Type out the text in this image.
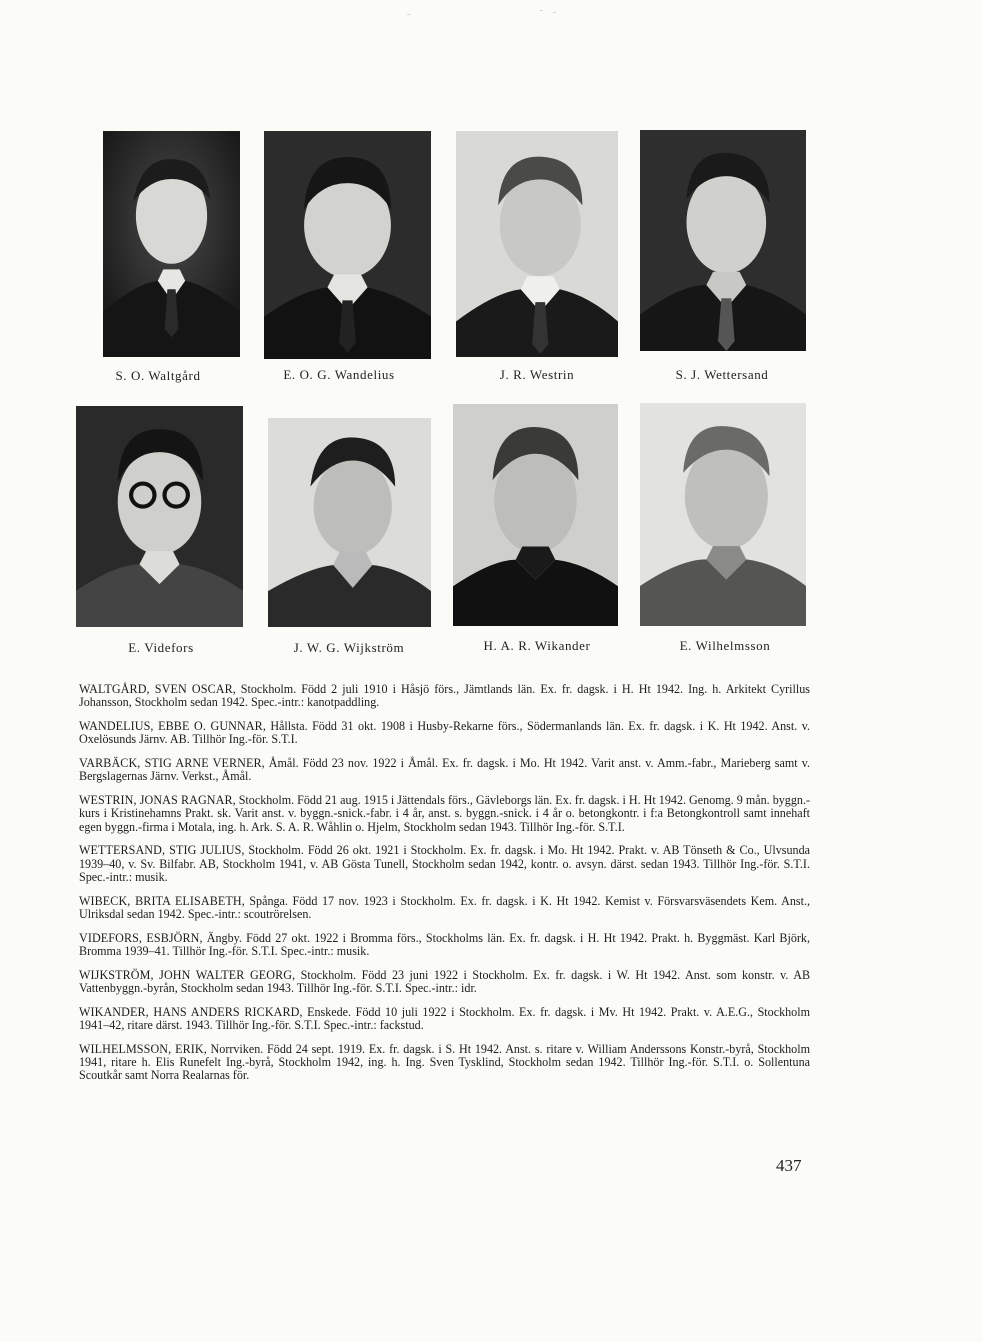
S. O. Waltgård	E. O. G. Wandelius	J. R. Westrin	S. J. Wettersand
E. Videfors	J. W. G. Wijkström	H. A. R. Wikander	E. Wilhelmsson

WALTGÅRD, SVEN OSCAR, Stockholm. Född 2 juli 1910 i Håsjö förs., Jämtlands län. Ex. fr. dagsk. i H. Ht 1942. Ing. h. Arkitekt Cyrillus Johansson, Stockholm sedan 1942. Spec.-intr.: kanotpaddling.

WANDELIUS, EBBE O. GUNNAR, Hållsta. Född 31 okt. 1908 i Husby-Rekarne förs., Södermanlands län. Ex. fr. dagsk. i K. Ht 1942. Anst. v. Oxelösunds Järnv. AB. Tillhör Ing.-för. S.T.I.

VARBÄCK, STIG ARNE VERNER, Åmål. Född 23 nov. 1922 i Åmål. Ex. fr. dagsk. i Mo. Ht 1942. Varit anst. v. Amm.-fabr., Marieberg samt v. Bergslagernas Järnv. Verkst., Åmål.

WESTRIN, JONAS RAGNAR, Stockholm. Född 21 aug. 1915 i Jättendals förs., Gävleborgs län. Ex. fr. dagsk. i H. Ht 1942. Genomg. 9 mån. byggn.-kurs i Kristinehamns Prakt. sk. Varit anst. v. byggn.-snick.-fabr. i 4 år, anst. s. byggn.-snick. i 4 år o. betongkontr. i f:a Betongkontroll samt innehaft egen byggn.-firma i Motala, ing. h. Ark. S. A. R. Wåhlin o. Hjelm, Stockholm sedan 1943. Tillhör Ing.-för. S.T.I.

WETTERSAND, STIG JULIUS, Stockholm. Född 26 okt. 1921 i Stockholm. Ex. fr. dagsk. i Mo. Ht 1942. Prakt. v. AB Tönseth & Co., Ulvsunda 1939–40, v. Sv. Bilfabr. AB, Stockholm 1941, v. AB Gösta Tunell, Stockholm sedan 1942, kontr. o. avsyn. därst. sedan 1943. Tillhör Ing.-för. S.T.I. Spec.-intr.: musik.

WIBECK, BRITA ELISABETH, Spånga. Född 17 nov. 1923 i Stockholm. Ex. fr. dagsk. i K. Ht 1942. Kemist v. Försvarsväsendets Kem. Anst., Ulriksdal sedan 1942. Spec.-intr.: scoutrörelsen.

VIDEFORS, ESBJÖRN, Ängby. Född 27 okt. 1922 i Bromma förs., Stockholms län. Ex. fr. dagsk. i H. Ht 1942. Prakt. h. Byggmäst. Karl Björk, Bromma 1939–41. Tillhör Ing.-för. S.T.I. Spec.-intr.: musik.

WIJKSTRÖM, JOHN WALTER GEORG, Stockholm. Född 23 juni 1922 i Stockholm. Ex. fr. dagsk. i W. Ht 1942. Anst. som konstr. v. AB Vattenbyggn.-byrån, Stockholm sedan 1943. Tillhör Ing.-för. S.T.I. Spec.-intr.: idr.

WIKANDER, HANS ANDERS RICKARD, Enskede. Född 10 juli 1922 i Stockholm. Ex. fr. dagsk. i Mv. Ht 1942. Prakt. v. A.E.G., Stockholm 1941–42, ritare därst. 1943. Tillhör Ing.-för. S.T.I. Spec.-intr.: fackstud.

WILHELMSSON, ERIK, Norrviken. Född 24 sept. 1919. Ex. fr. dagsk. i S. Ht 1942. Anst. s. ritare v. William Anderssons Konstr.-byrå, Stockholm 1941, ritare h. Elis Runefelt Ing.-byrå, Stockholm 1942, ing. h. Ing. Sven Tysklind, Stockholm sedan 1942. Tillhör Ing.-för. S.T.I. o. Sollentuna Scoutkår samt Norra Realarnas för.

437
